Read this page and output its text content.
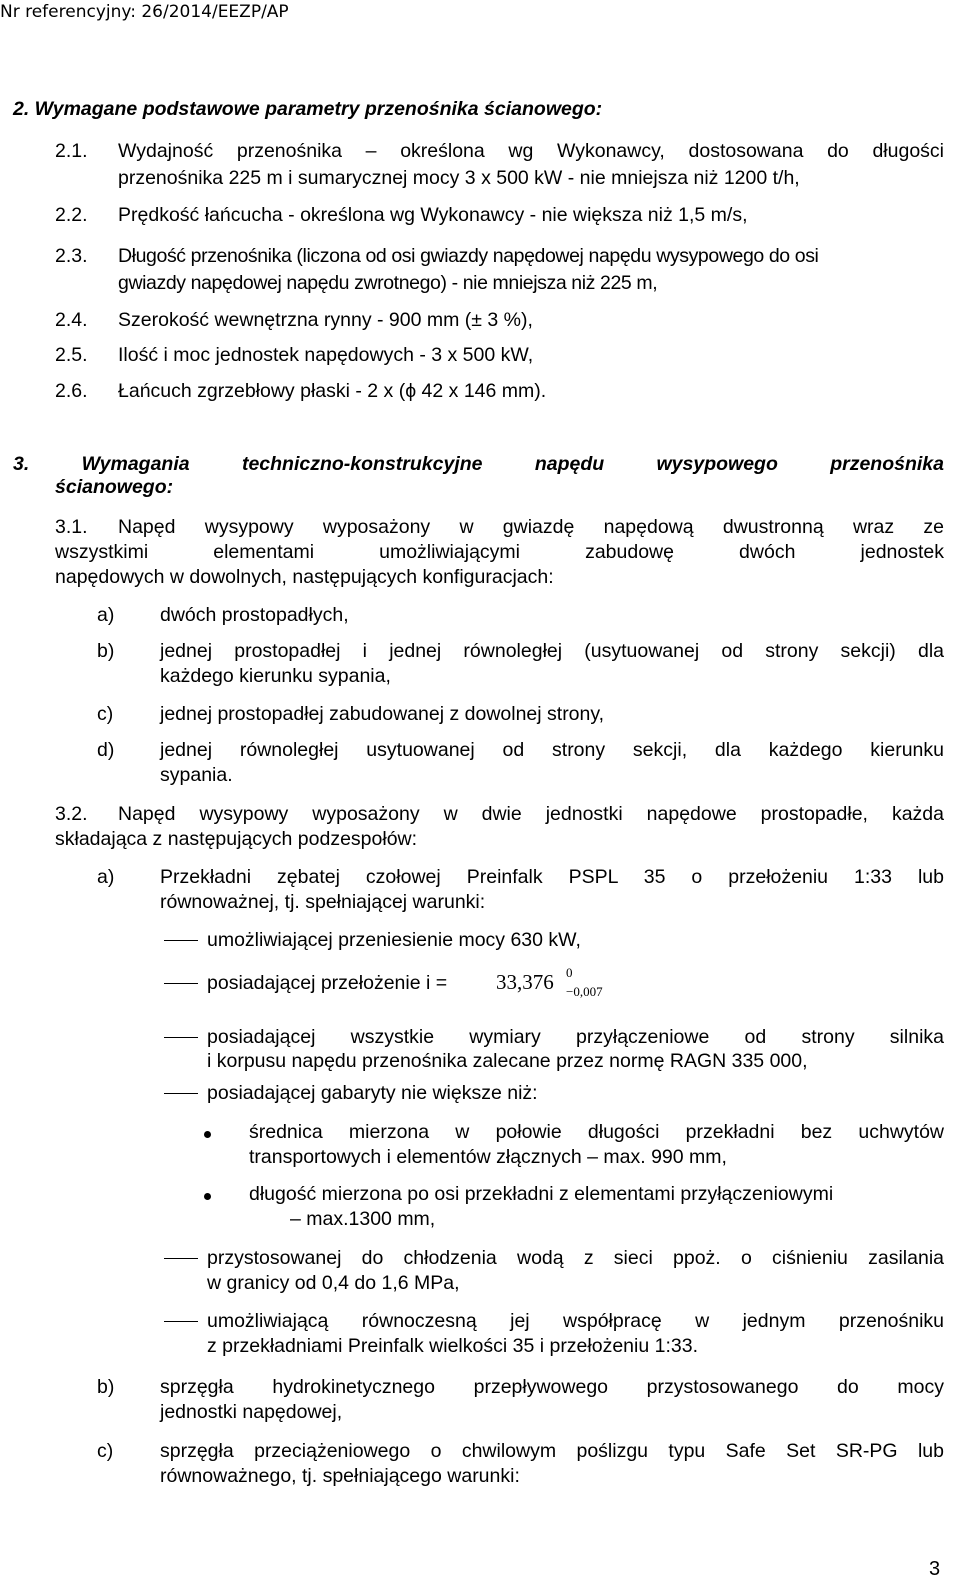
Nr referencyjny: 26/2014/EEZP/AP
2. Wymagane podstawowe parametry przenośnika ścianowego:
2.1. Wydajność przenośnika – określona wg Wykonawcy, dostosowana do długości
przenośnika 225 m i sumarycznej mocy 3 x 500 kW - nie mniejsza niż 1200 t/h,
2.2. Prędkość łańcucha - określona wg Wykonawcy - nie większa niż 1,5 m/s,
2.3. Długość przenośnika (liczona od osi gwiazdy napędowej napędu wysypowego do osi
gwiazdy napędowej napędu zwrotnego) - nie mniejsza niż 225 m,
2.4. Szerokość wewnętrzna rynny - 900 mm (± 3 %),
2.5. Ilość i moc jednostek napędowych - 3 x 500 kW,
2.6. Łańcuch zgrzebłowy płaski - 2 x (ϕ 42 x 146 mm).
3. Wymagania techniczno-konstrukcyjne napędu wysypowego przenośnika
ścianowego:
3.1. Napęd wysypowy wyposażony w gwiazdę napędową dwustronną wraz ze
wszystkimi elementami umożliwiającymi zabudowę dwóch jednostek
napędowych w dowolnych, następujących konfiguracjach:
a) dwóch prostopadłych,
b) jednej prostopadłej i jednej równoległej (usytuowanej od strony sekcji) dla
każdego kierunku sypania,
c) jednej prostopadłej zabudowanej z dowolnej strony,
d) jednej równoległej usytuowanej od strony sekcji, dla każdego kierunku
sypania.
3.2. Napęd wysypowy wyposażony w dwie jednostki napędowe prostopadłe, każda
składająca z następujących podzespołów:
a) Przekładni zębatej czołowej Preinfalk PSPL 35 o przełożeniu 1:33 lub
równoważnej, tj. spełniającej warunki:
umożliwiającej przeniesienie mocy 630 kW,
posiadającej przełożenie i = 33,376 0
−0,007
posiadającej wszystkie wymiary przyłączeniowe od strony silnika
i korpusu napędu przenośnika zalecane przez normę RAGN 335 000,
posiadającej gabaryty nie większe niż:
średnica mierzona w połowie długości przekładni bez uchwytów
transportowych i elementów złącznych – max. 990 mm,
długość mierzona po osi przekładni z elementami przyłączeniowymi
– max.1300 mm,
przystosowanej do chłodzenia wodą z sieci ppoż. o ciśnieniu zasilania
w granicy od 0,4 do 1,6 MPa,
umożliwiającą równoczesną jej współpracę w jednym przenośniku
z przekładniami Preinfalk wielkości 35 i przełożeniu 1:33.
b) sprzęgła hydrokinetycznego przepływowego przystosowanego do mocy
jednostki napędowej,
c) sprzęgła przeciążeniowego o chwilowym poślizgu typu Safe Set SR-PG lub
równoważnego, tj. spełniającego warunki:
3
